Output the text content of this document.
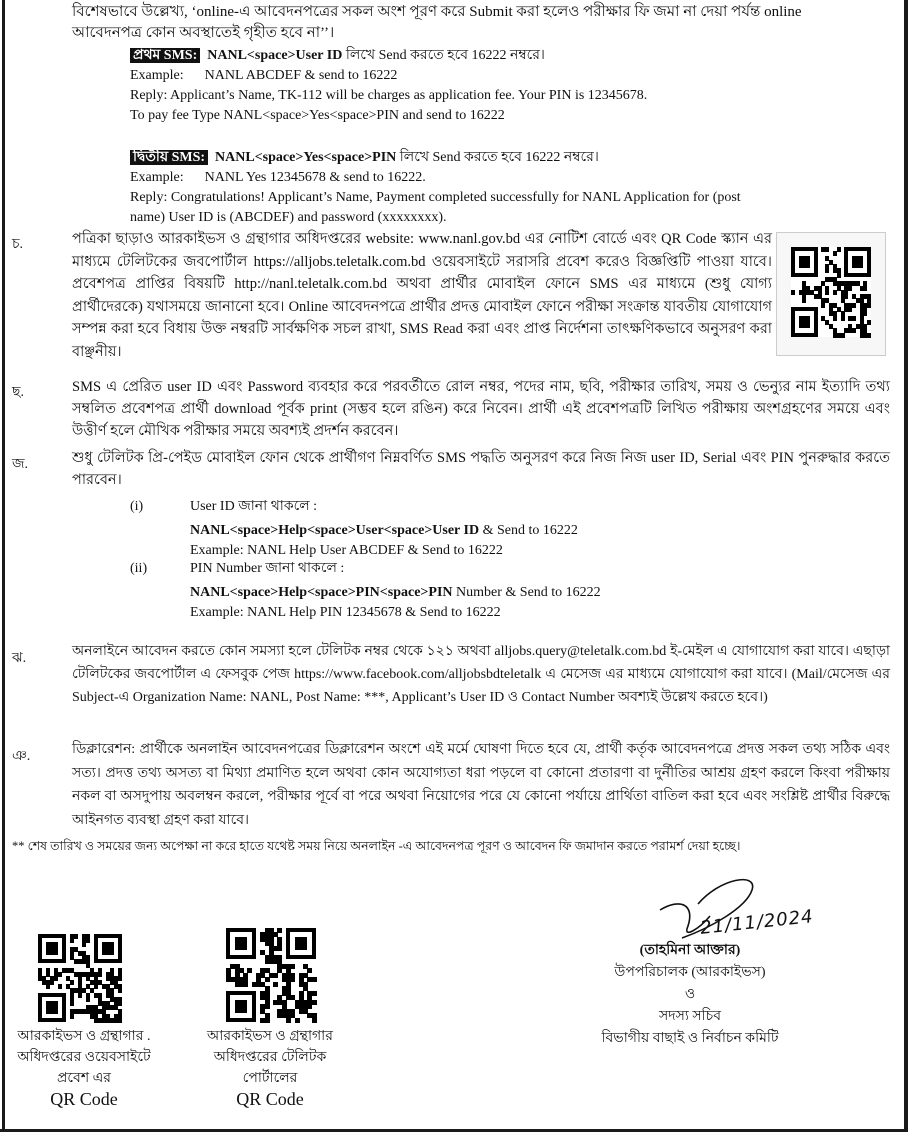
বিশেষভাবে উল্লেখ্য, ‘online-এ আবেদনপত্রের সকল অংশ পূরণ করে Submit করা হলেও পরীক্ষার ফি জমা না দেয়া পর্যন্ত online
আবেদনপত্র কোন অবস্থাতেই গৃহীত হবে না’’।
প্রথম SMS: NANL<space>User ID লিখে Send করতে হবে 16222 নম্বরে।
Example:      NANL ABCDEF & send to 16222
Reply: Applicant’s Name, TK-112 will be charges as application fee. Your PIN is 12345678.
To pay fee Type NANL<space>Yes<space>PIN and send to 16222
দ্বিতীয় SMS: NANL<space>Yes<space>PIN লিখে Send করতে হবে 16222 নম্বরে।
Example:      NANL Yes 12345678 & send to 16222.
Reply: Congratulations! Applicant’s Name, Payment completed successfully for NANL Application for (post
name) User ID is (ABCDEF) and password (xxxxxxxx).
চ.	পত্রিকা ছাড়াও আরকাইভস ও গ্রন্থাগার অধিদপ্তরের website: www.nanl.gov.bd এর নোটিশ বোর্ডে এবং QR Code স্ক্যান এর মাধ্যমে টেলিটকের জবপোর্টাল https://alljobs.teletalk.com.bd ওয়েবসাইটে সরাসরি প্রবেশ করেও বিজ্ঞপ্তিটি পাওয়া যাবে। প্রবেশপত্র প্রাপ্তির বিষয়টি http://nanl.teletalk.com.bd অথবা প্রার্থীর মোবাইল ফোনে SMS এর মাধ্যমে (শুধু যোগ্য প্রার্থীদেরকে) যথাসময়ে জানানো হবে। Online আবেদনপত্রে প্রার্থীর প্রদত্ত মোবাইল ফোনে পরীক্ষা সংক্রান্ত যাবতীয় যোগাযোগ সম্পন্ন করা হবে বিধায় উক্ত নম্বরটি সার্বক্ষণিক সচল রাখা, SMS Read করা এবং প্রাপ্ত নির্দেশনা তাৎক্ষণিকভাবে অনুসরণ করা বাঞ্ছনীয়।

ছ.	SMS এ প্রেরিত user ID এবং Password ব্যবহার করে পরবর্তীতে রোল নম্বর, পদের নাম, ছবি, পরীক্ষার তারিখ, সময় ও ভেন্যুর নাম ইত্যাদি তথ্য সম্বলিত প্রবেশপত্র প্রার্থী download পূর্বক print (সম্ভব হলে রঙিন) করে নিবেন। প্রার্থী এই প্রবেশপত্রটি লিখিত পরীক্ষায় অংশগ্রহণের সময়ে এবং উত্তীর্ণ হলে মৌখিক পরীক্ষার সময়ে অবশ্যই প্রদর্শন করবেন।

জ.	শুধু টেলিটক প্রি-পেইড মোবাইল ফোন থেকে প্রার্থীগণ নিম্নবর্ণিত SMS পদ্ধতি অনুসরণ করে নিজ নিজ user ID, Serial এবং PIN পুনরুদ্ধার করতে পারবেন।

(i)	User ID জানা থাকলে :
NANL<space>Help<space>User<space>User ID & Send to 16222
Example: NANL Help User ABCDEF & Send to 16222
(ii)	PIN Number জানা থাকলে :
NANL<space>Help<space>PIN<space>PIN Number & Send to 16222
Example: NANL Help PIN 12345678 & Send to 16222
ঝ.	অনলাইনে আবেদন করতে কোন সমস্যা হলে টেলিটক নম্বর থেকে ১২১ অথবা alljobs.query@teletalk.com.bd ই-মেইল এ যোগাযোগ করা যাবে। এছাড়া টেলিটকের জবপোর্টাল এ ফেসবুক পেজ https://www.facebook.com/alljobsbdteletalk এ মেসেজ এর মাধ্যমে যোগাযোগ করা যাবে। (Mail/মেসেজ এর Subject-এ Organization Name: NANL, Post Name: ***, Applicant’s User ID ও Contact Number অবশ্যই উল্লেখ করতে হবে।)

ঞ.	ডিক্লারেশন: প্রার্থীকে অনলাইন আবেদনপত্রের ডিক্লারেশন অংশে এই মর্মে ঘোষণা দিতে হবে যে, প্রার্থী কর্তৃক আবেদনপত্রে প্রদত্ত সকল তথ্য সঠিক এবং সত্য। প্রদত্ত তথ্য অসত্য বা মিথ্যা প্রমাণিত হলে অথবা কোন অযোগ্যতা ধরা পড়লে বা কোনো প্রতারণা বা দুর্নীতির আশ্রয় গ্রহণ করলে কিংবা পরীক্ষায় নকল বা অসদুপায় অবলম্বন করলে, পরীক্ষার পূর্বে বা পরে অথবা নিয়োগের পরে যে কোনো পর্যায়ে প্রার্থিতা বাতিল করা হবে এবং সংশ্লিষ্ট প্রার্থীর বিরুদ্ধে আইনগত ব্যবস্থা গ্রহণ করা যাবে।

** শেষ তারিখ ও সময়ের জন্য অপেক্ষা না করে হাতে যথেষ্ট সময় নিয়ে অনলাইন -এ আবেদনপত্র পূরণ ও আবেদন ফি জমাদান করতে পরামর্শ দেয়া হচ্ছে।
21/11/2024
(তাহমিনা আক্তার)
উপপরিচালক (আরকাইভস)
ও
সদস্য সচিব
বিভাগীয় বাছাই ও নির্বাচন কমিটি
আরকাইভস ও গ্রন্থাগার .
অধিদপ্তরের ওয়েবসাইটে
প্রবেশ এর
QR Code
আরকাইভস ও গ্রন্থাগার
অধিদপ্তরের টেলিটক
পোর্টালের
QR Code
